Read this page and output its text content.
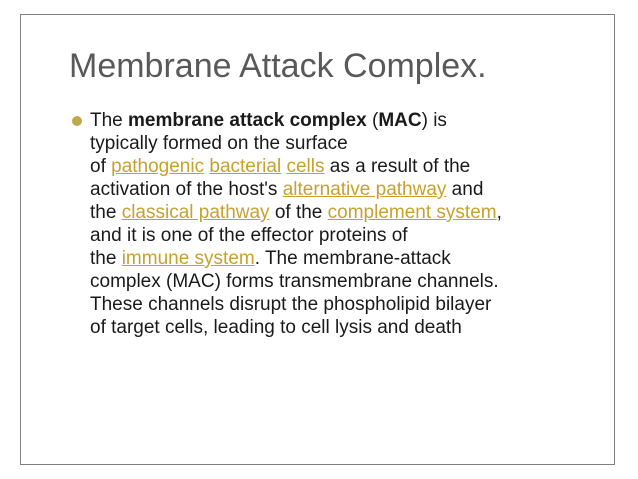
Membrane Attack Complex.

The membrane attack complex (MAC) is
typically formed on the surface
of pathogenic bacterial cells as a result of the
activation of the host's alternative pathway and
the classical pathway of the complement system,
and it is one of the effector proteins of
the immune system. The membrane-attack
complex (MAC) forms transmembrane channels.
These channels disrupt the phospholipid bilayer
of target cells, leading to cell lysis and death
